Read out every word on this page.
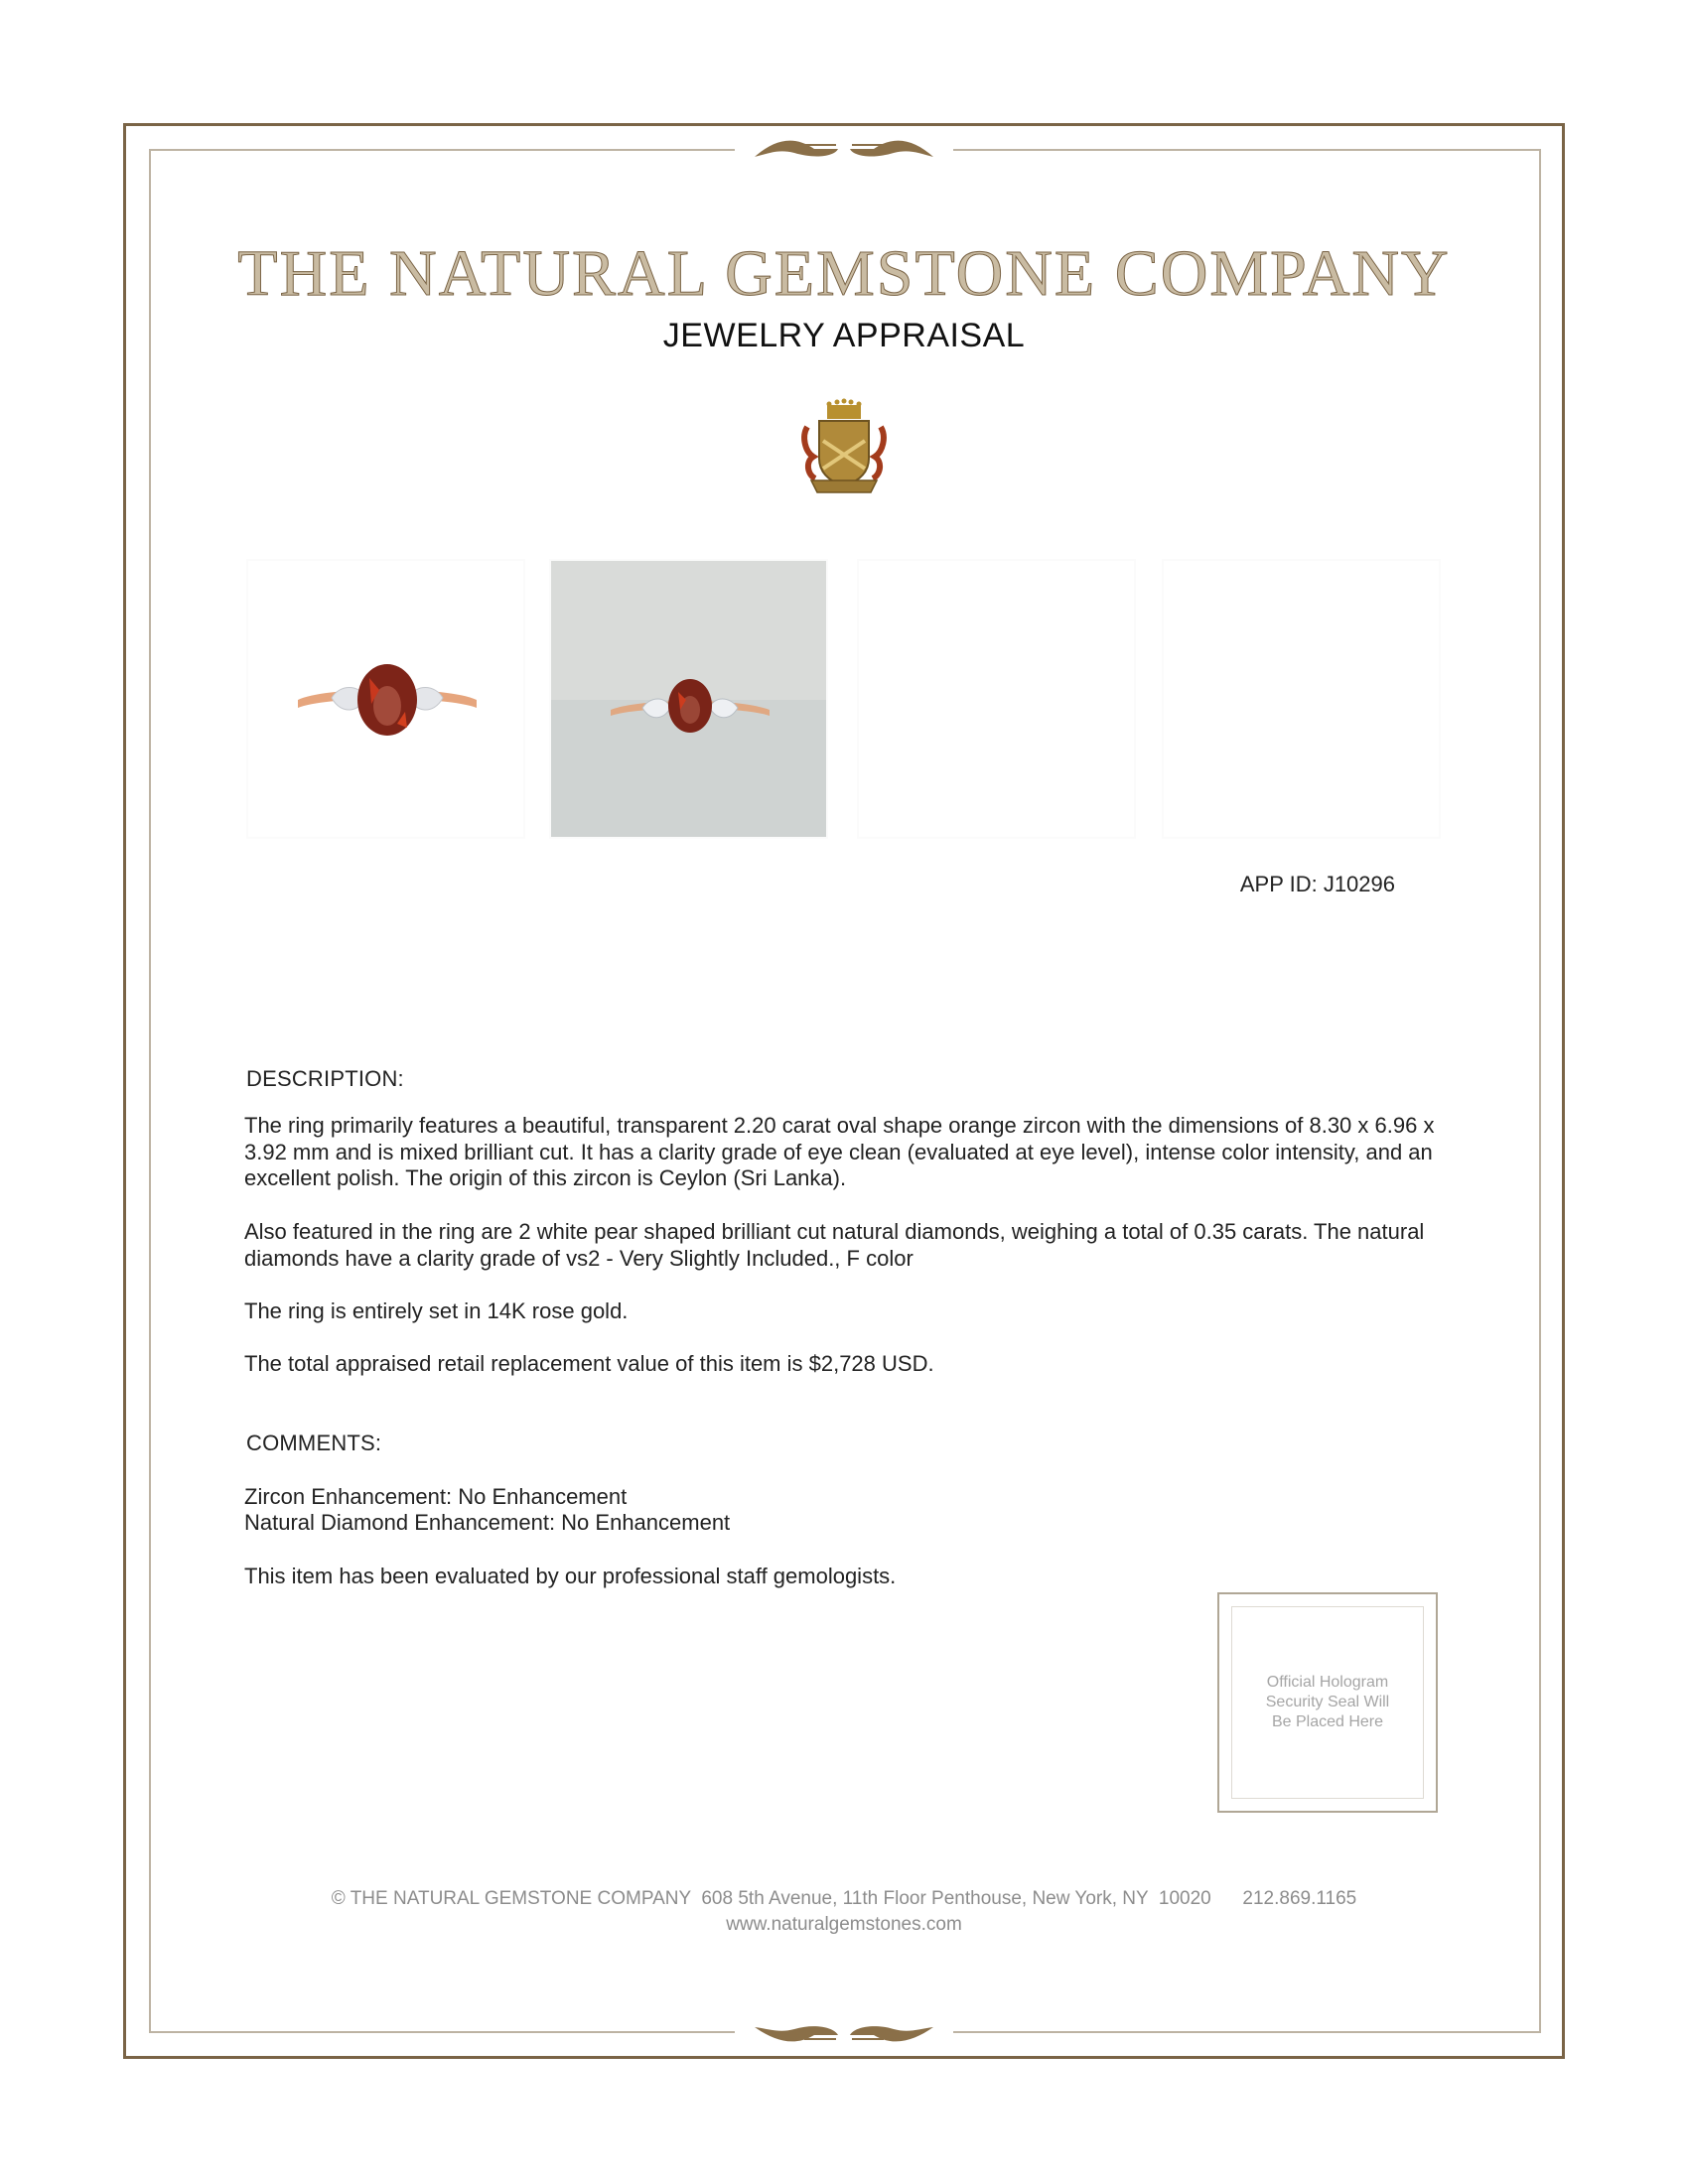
THE NATURAL GEMSTONE COMPANY
JEWELRY APPRAISAL
APP ID: J10296
DESCRIPTION:
The ring primarily features a beautiful, transparent 2.20 carat oval shape orange zircon with the dimensions of 8.30 x 6.96 x 3.92 mm and is mixed brilliant cut. It has a clarity grade of eye clean (evaluated at eye level), intense color intensity, and an excellent polish. The origin of this zircon is Ceylon (Sri Lanka).
Also featured in the ring are 2 white pear shaped brilliant cut natural diamonds, weighing a total of 0.35 carats. The natural diamonds have a clarity grade of vs2 - Very Slightly Included., F color
The ring is entirely set in 14K rose gold.
The total appraised retail replacement value of this item is $2,728 USD.
COMMENTS:
Zircon Enhancement: No Enhancement
Natural Diamond Enhancement: No Enhancement
This item has been evaluated by our professional staff gemologists.
Official Hologram
Security Seal Will
Be Placed Here
© THE NATURAL GEMSTONE COMPANY  608 5th Avenue, 11th Floor Penthouse, New York, NY  10020      212.869.1165
www.naturalgemstones.com
